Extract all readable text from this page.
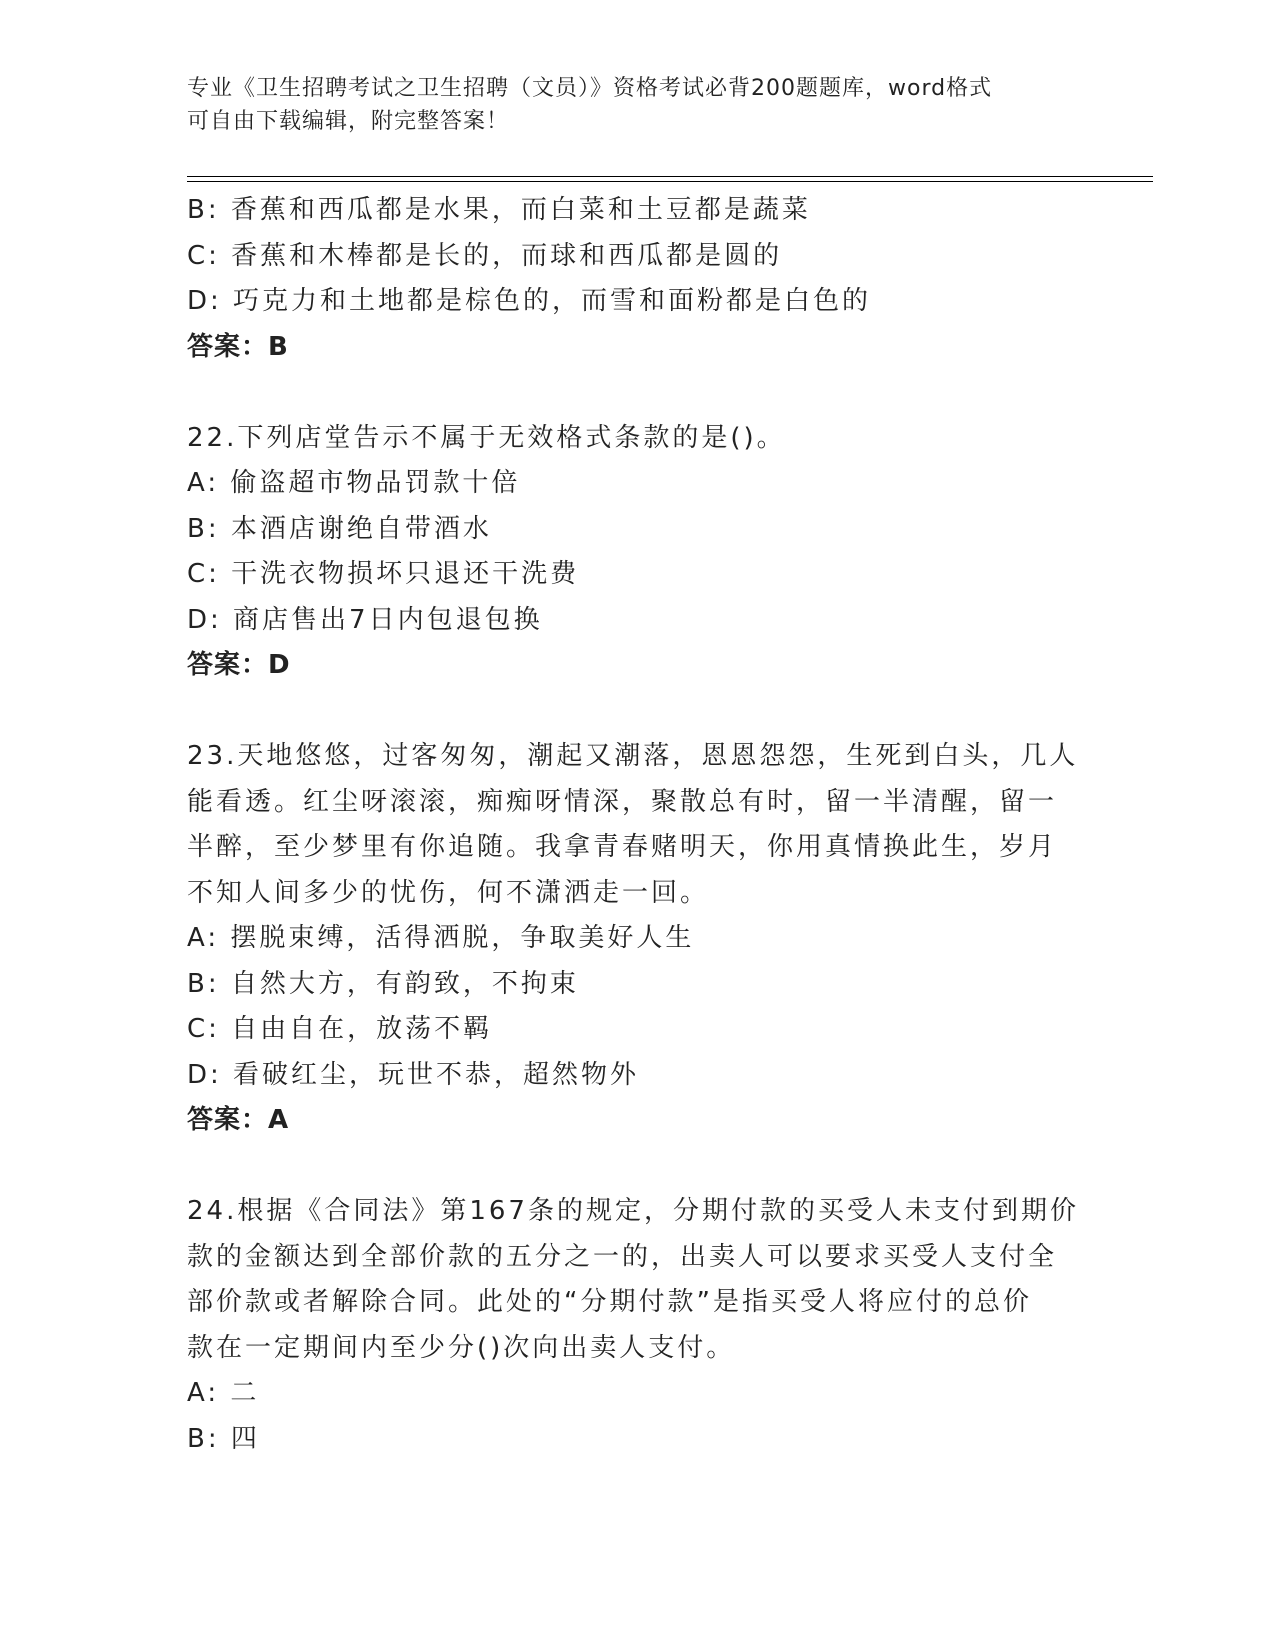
专业《卫生招聘考试之卫生招聘（文员）》资格考试必背200题题库，word格式
可自由下载编辑，附完整答案！
B: 香蕉和西瓜都是水果，而白菜和土豆都是蔬菜
C: 香蕉和木棒都是长的，而球和西瓜都是圆的
D: 巧克力和土地都是棕色的，而雪和面粉都是白色的
答案：B
22.下列店堂告示不属于无效格式条款的是()。
A: 偷盗超市物品罚款十倍
B: 本酒店谢绝自带酒水
C: 干洗衣物损坏只退还干洗费
D: 商店售出7日内包退包换
答案：D
23.天地悠悠，过客匆匆，潮起又潮落，恩恩怨怨，生死到白头，几人
能看透。红尘呀滚滚，痴痴呀情深，聚散总有时，留一半清醒，留一
半醉，至少梦里有你追随。我拿青春赌明天，你用真情换此生，岁月
不知人间多少的忧伤，何不潇洒走一回。
A: 摆脱束缚，活得洒脱，争取美好人生
B: 自然大方，有韵致，不拘束
C: 自由自在，放荡不羁
D: 看破红尘，玩世不恭，超然物外
答案：A
24.根据《合同法》第167条的规定，分期付款的买受人未支付到期价
款的金额达到全部价款的五分之一的，出卖人可以要求买受人支付全
部价款或者解除合同。此处的“分期付款”是指买受人将应付的总价
款在一定期间内至少分()次向出卖人支付。
A: 二
B: 四
